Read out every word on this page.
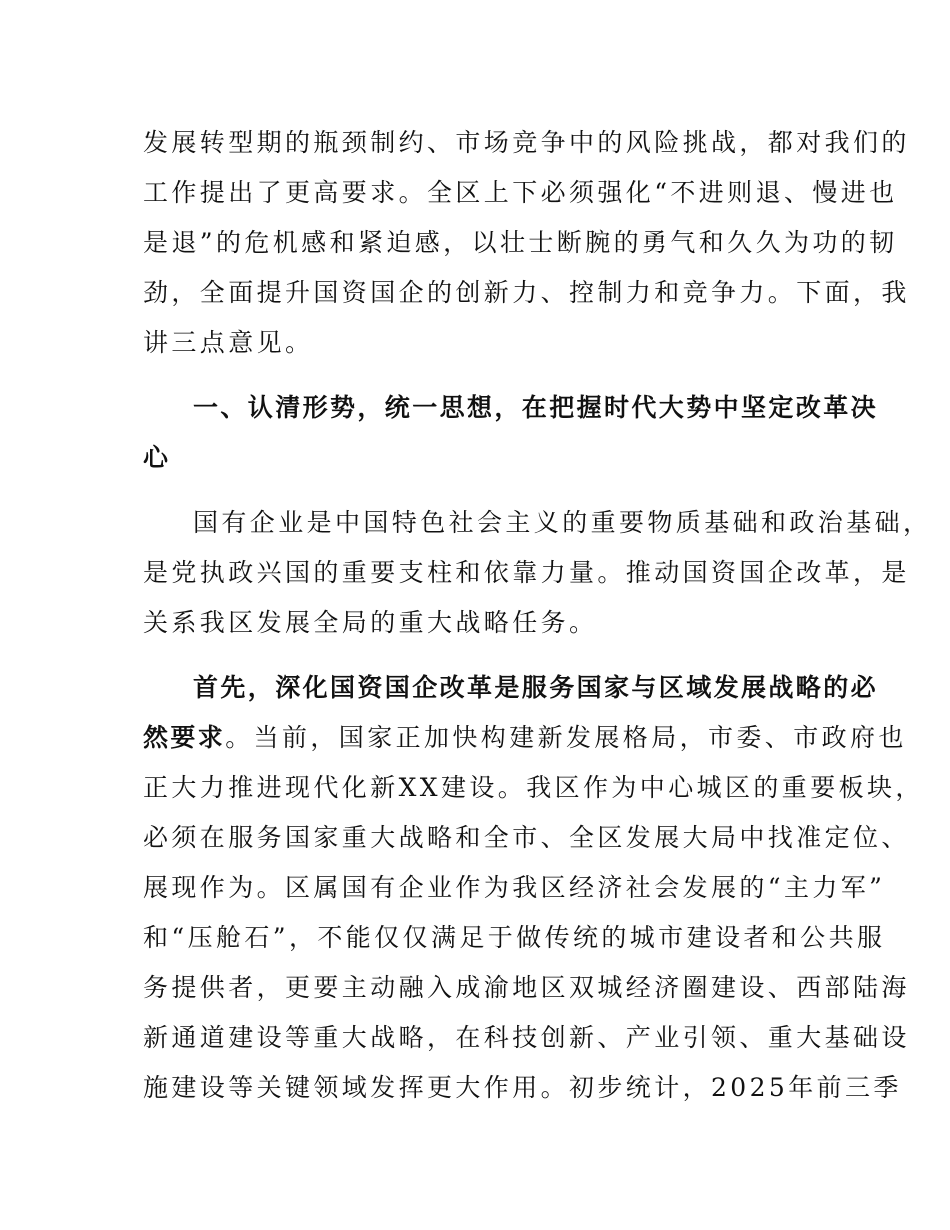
发展转型期的瓶颈制约、市场竞争中的风险挑战，都对我们的
工作提出了更高要求。全区上下必须强化“不进则退、慢进也
是退”的危机感和紧迫感，以壮士断腕的勇气和久久为功的韧
劲，全面提升国资国企的创新力、控制力和竞争力。下面，我
讲三点意见。
一、认清形势，统一思想，在把握时代大势中坚定改革决
心
国有企业是中国特色社会主义的重要物质基础和政治基础，
是党执政兴国的重要支柱和依靠力量。推动国资国企改革，是
关系我区发展全局的重大战略任务。
首先，深化国资国企改革是服务国家与区域发展战略的必
然要求。当前，国家正加快构建新发展格局，市委、市政府也
正大力推进现代化新XX建设。我区作为中心城区的重要板块，
必须在服务国家重大战略和全市、全区发展大局中找准定位、
展现作为。区属国有企业作为我区经济社会发展的“主力军”
和“压舱石”，不能仅仅满足于做传统的城市建设者和公共服
务提供者，更要主动融入成渝地区双城经济圈建设、西部陆海
新通道建设等重大战略，在科技创新、产业引领、重大基础设
施建设等关键领域发挥更大作用。初步统计，2025年前三季
